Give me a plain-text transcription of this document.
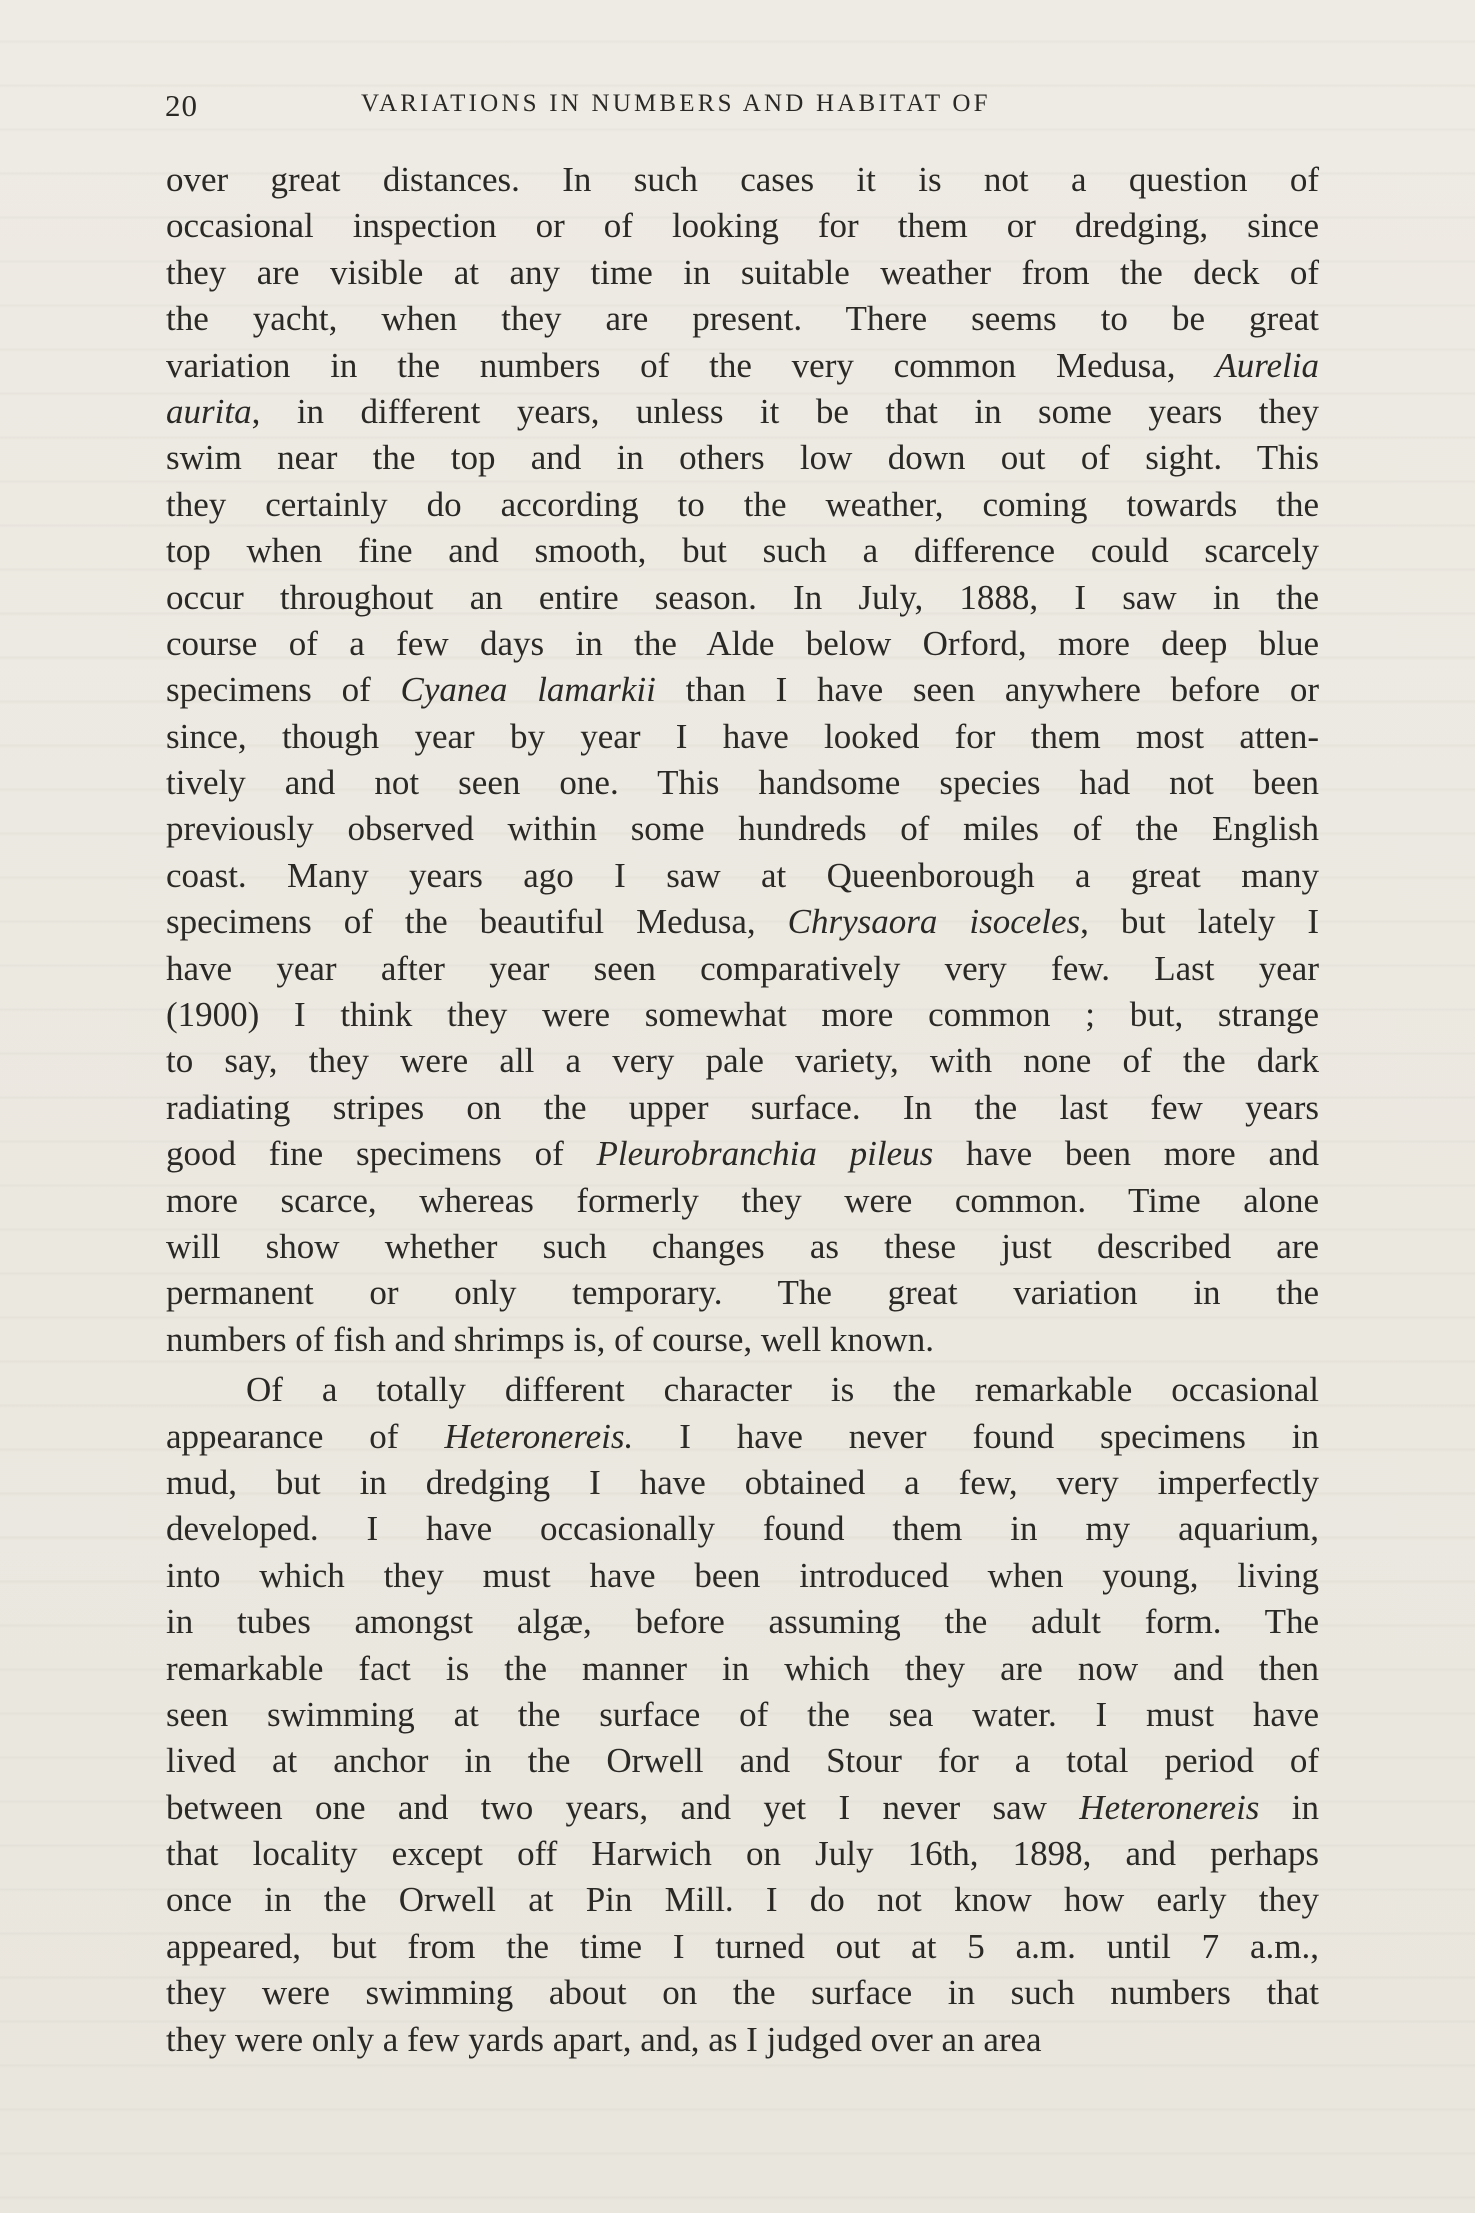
20	VARIATIONS IN NUMBERS AND HABITAT OF
over great distances. In such cases it is not a question of
occasional inspection or of looking for them or dredging, since
they are visible at any time in suitable weather from the deck of
the yacht, when they are present. There seems to be great
variation in the numbers of the very common Medusa, Aurelia
aurita, in different years, unless it be that in some years they
swim near the top and in others low down out of sight. This
they certainly do according to the weather, coming towards the
top when fine and smooth, but such a difference could scarcely
occur throughout an entire season. In July, 1888, I saw in the
course of a few days in the Alde below Orford, more deep blue
specimens of Cyanea lamarkii than I have seen anywhere before or
since, though year by year I have looked for them most atten-
tively and not seen one. This handsome species had not been
previously observed within some hundreds of miles of the English
coast. Many years ago I saw at Queenborough a great many
specimens of the beautiful Medusa, Chrysaora isoceles, but lately I
have year after year seen comparatively very few. Last year
(1900) I think they were somewhat more common ; but, strange
to say, they were all a very pale variety, with none of the dark
radiating stripes on the upper surface. In the last few years
good fine specimens of Pleurobranchia pileus have been more and
more scarce, whereas formerly they were common. Time alone
will show whether such changes as these just described are
permanent or only temporary. The great variation in the
numbers of fish and shrimps is, of course, well known.
Of a totally different character is the remarkable occasional
appearance of Heteronereis. I have never found specimens in
mud, but in dredging I have obtained a few, very imperfectly
developed. I have occasionally found them in my aquarium,
into which they must have been introduced when young, living
in tubes amongst algæ, before assuming the adult form. The
remarkable fact is the manner in which they are now and then
seen swimming at the surface of the sea water. I must have
lived at anchor in the Orwell and Stour for a total period of
between one and two years, and yet I never saw Heteronereis in
that locality except off Harwich on July 16th, 1898, and perhaps
once in the Orwell at Pin Mill. I do not know how early they
appeared, but from the time I turned out at 5 a.m. until 7 a.m.,
they were swimming about on the surface in such numbers that
they were only a few yards apart, and, as I judged over an area
